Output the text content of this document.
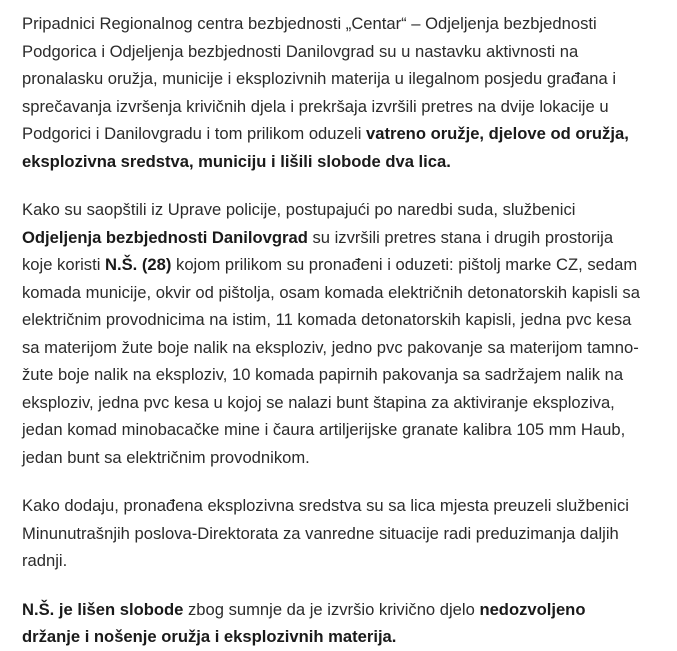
Pripadnici Regionalnog centra bezbjednosti „Centar“ – Odjeljenja bezbjednosti Podgorica i Odjeljenja bezbjednosti Danilovgrad su u nastavku aktivnosti na pronalasku oružja, municije i eksplozivnih materija u ilegalnom posjedu građana i sprečavanja izvršenja krivičnih djela i prekršaja izvršili pretres na dvije lokacije u Podgorici i Danilovgradu i tom prilikom oduzeli vatreno oružje, djelove od oružja, eksplozivna sredstva, municiju i lišili slobode dva lica.

Kako su saopštili iz Uprave policije, postupajući po naredbi suda, službenici Odjeljenja bezbjednosti Danilovgrad su izvršili pretres stana i drugih prostorija koje koristi N.Š. (28) kojom prilikom su pronađeni i oduzeti: pištolj marke CZ, sedam komada municije, okvir od pištolja, osam komada električnih detonatorskih kapisli sa električnim provodnicima na istim, 11 komada detonatorskih kapisli, jedna pvc kesa sa materijom žute boje nalik na eksploziv, jedno pvc pakovanje sa materijom tamno-žute boje nalik na eksploziv, 10 komada papirnih pakovanja sa sadržajem nalik na eksploziv, jedna pvc kesa u kojoj se nalazi bunt štapina za aktiviranje eksploziva, jedan komad minobacačke mine i čaura artiljerijske granate kalibra 105 mm Haub, jedan bunt sa električnim provodnikom.

Kako dodaju, pronađena eksplozivna sredstva su sa lica mjesta preuzeli službenici Minunutrašnjih poslova-Direktorata za vanredne situacije radi preduzimanja daljih radnji.

N.Š. je lišen slobode zbog sumnje da je izvršio krivično djelo nedozvoljeno držanje i nošenje oružja i eksplozivnih materija.
